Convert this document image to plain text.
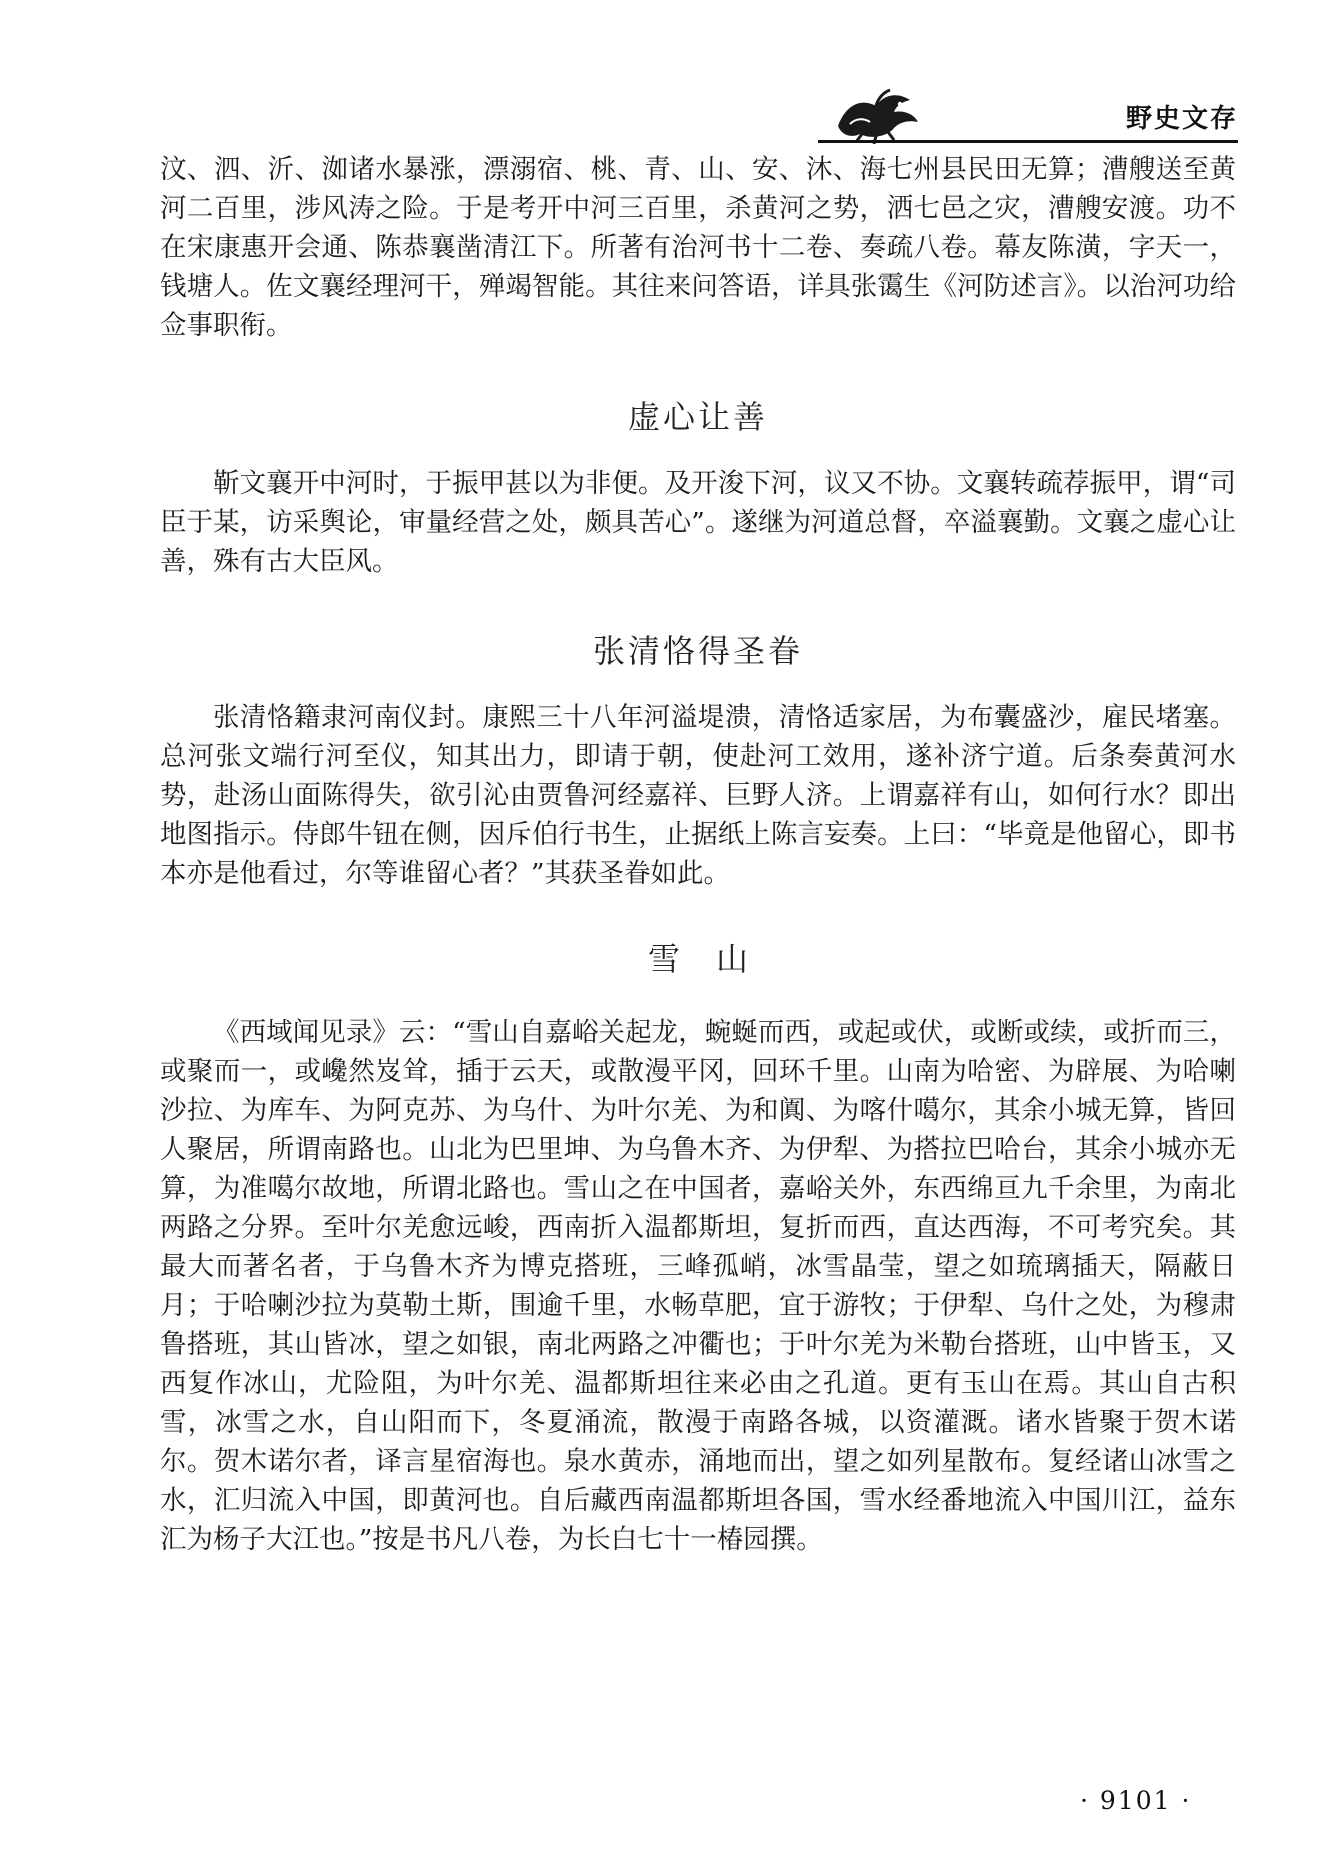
野史文存

汶、泗、沂、洳诸水暴涨，漂溺宿、桃、青、山、安、沐、海七州县民田无算；漕艘送至黄河二百里，涉风涛之险。于是考开中河三百里，杀黄河之势，洒七邑之灾，漕艘安渡。功不在宋康惠开会通、陈恭襄凿清江下。所著有治河书十二卷、奏疏八卷。幕友陈潢，字天一，钱塘人。佐文襄经理河干，殚竭智能。其往来问答语，详具张霭生《河防述言》。以治河功给佥事职衔。

虚心让善

靳文襄开中河时，于振甲甚以为非便。及开浚下河，议又不协。文襄转疏荐振甲，谓“司臣于某，访采舆论，审量经营之处，颇具苦心”。遂继为河道总督，卒溢襄勤。文襄之虚心让善，殊有古大臣风。

张清恪得圣眷

张清恪籍隶河南仪封。康熙三十八年河溢堤溃，清恪适家居，为布囊盛沙，雇民堵塞。总河张文端行河至仪，知其出力，即请于朝，使赴河工效用，遂补济宁道。后条奏黄河水势，赴汤山面陈得失，欲引沁由贾鲁河经嘉祥、巨野人济。上谓嘉祥有山，如何行水？即出地图指示。侍郎牛钮在侧，因斥伯行书生，止据纸上陈言妄奏。上曰：“毕竟是他留心，即书本亦是他看过，尔等谁留心者？”其获圣眷如此。

雪山

《西域闻见录》云：“雪山自嘉峪关起龙，蜿蜒而西，或起或伏，或断或续，或折而三，或聚而一，或巉然岌耸，插于云天，或散漫平冈，回环千里。山南为哈密、为辟展、为哈喇沙拉、为库车、为阿克苏、为乌什、为叶尔羌、为和阗、为喀什噶尔，其余小城无算，皆回人聚居，所谓南路也。山北为巴里坤、为乌鲁木齐、为伊犁、为搭拉巴哈台，其余小城亦无算，为准噶尔故地，所谓北路也。雪山之在中国者，嘉峪关外，东西绵亘九千余里，为南北两路之分界。至叶尔羌愈远峻，西南折入温都斯坦，复折而西，直达西海，不可考究矣。其最大而著名者，于乌鲁木齐为博克搭班，三峰孤峭，冰雪晶莹，望之如琉璃插天，隔蔽日月；于哈喇沙拉为莫勒土斯，围逾千里，水畅草肥，宜于游牧；于伊犁、乌什之处，为穆肃鲁搭班，其山皆冰，望之如银，南北两路之冲衢也；于叶尔羌为米勒台搭班，山中皆玉，又西复作冰山，尤险阻，为叶尔羌、温都斯坦往来必由之孔道。更有玉山在焉。其山自古积雪，冰雪之水，自山阳而下，冬夏涌流，散漫于南路各城，以资灌溉。诸水皆聚于贺木诺尔。贺木诺尔者，译言星宿海也。泉水黄赤，涌地而出，望之如列星散布。复经诸山冰雪之水，汇归流入中国，即黄河也。自后藏西南温都斯坦各国，雪水经番地流入中国川江，益东汇为杨子大江也。”按是书凡八卷，为长白七十一椿园撰。

· 9101 ·
